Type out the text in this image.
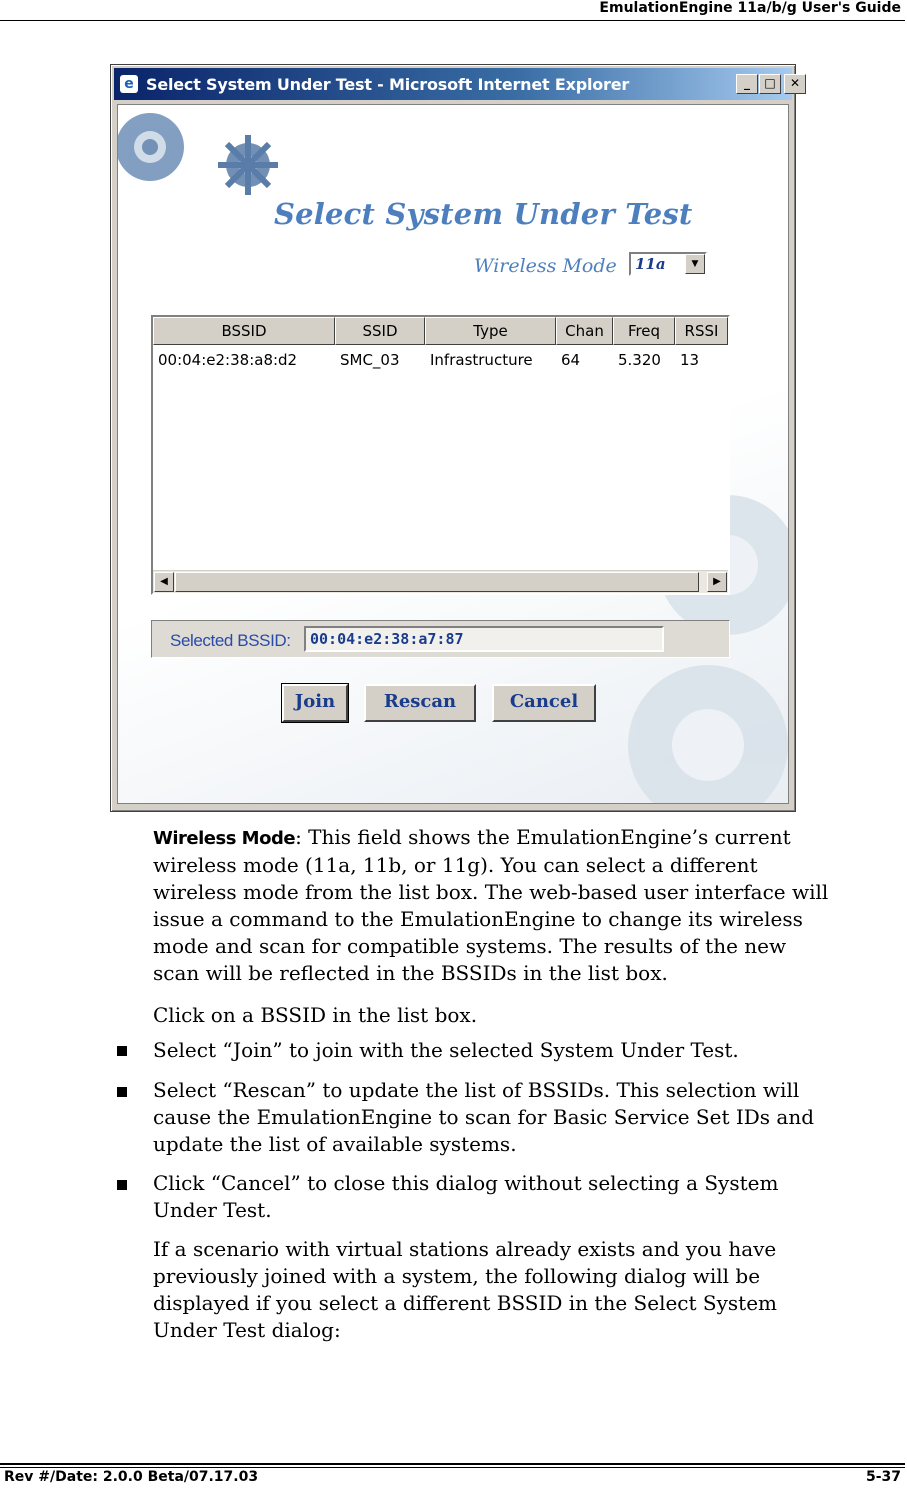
EmulationEngine 11a/b/g User's Guide
e Select System Under Test - Microsoft Internet Explorer	_	□	✕
Select System Under Test
Wireless Mode 11a	▼
BSSID	SSID	Type	Chan	Freq	RSSI
00:04:e2:38:a8:d2	SMC_03	Infrastructure	64	5.320	13
◀	▶
Selected BSSID:	00:04:e2:38:a7:87
Join	Rescan	Cancel
Wireless Mode: This field shows the EmulationEngine’s current
wireless mode (11a, 11b, or 11g). You can select a different
wireless mode from the list box. The web-based user interface will
issue a command to the EmulationEngine to change its wireless
mode and scan for compatible systems. The results of the new
scan will be reflected in the BSSIDs in the list box.
Click on a BSSID in the list box.
Select “Join” to join with the selected System Under Test.
Select “Rescan” to update the list of BSSIDs. This selection will
cause the EmulationEngine to scan for Basic Service Set IDs and
update the list of available systems.
Click “Cancel” to close this dialog without selecting a System
Under Test.
If a scenario with virtual stations already exists and you have
previously joined with a system, the following dialog will be
displayed if you select a different BSSID in the Select System
Under Test dialog:
Rev #/Date: 2.0.0 Beta/07.17.03	5-37
